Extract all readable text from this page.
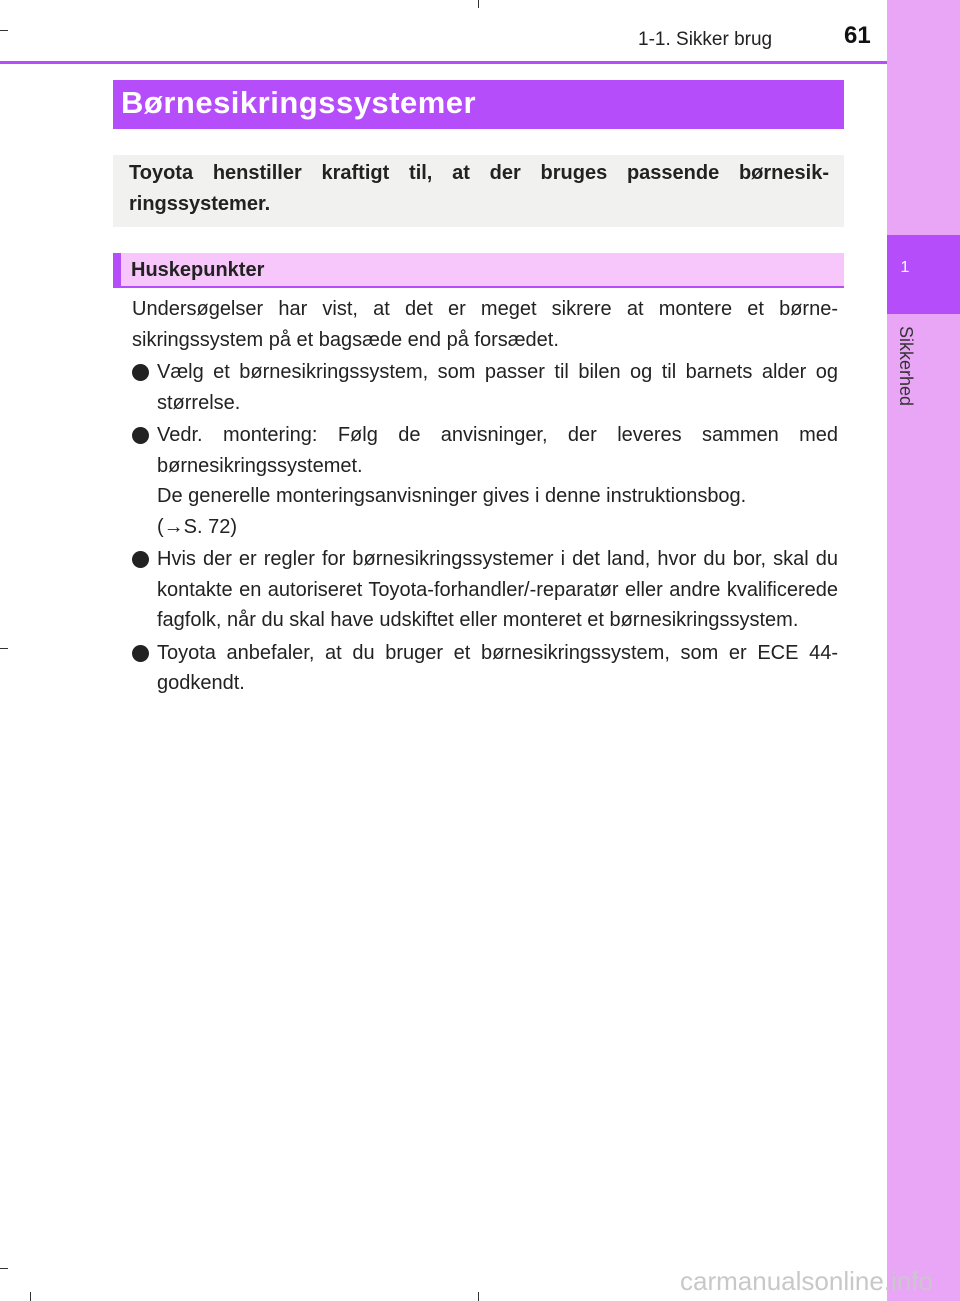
1
Sikkerhed
1-1. Sikker brug	61
Børnesikringssystemer
Toyota henstiller kraftigt til, at der bruges passende børnesik-ringssystemer.
Huskepunkter

Undersøgelser har vist, at det er meget sikrere at montere et børne-sikringssystem på et bagsæde end på forsædet.

Vælg et børnesikringssystem, som passer til bilen og til barnets alder og størrelse.
Vedr. montering: Følg de anvisninger, der leveres sammen med børnesikringssystemet.
De generelle monteringsanvisninger gives i denne instruktionsbog.
(→S. 72)
Hvis der er regler for børnesikringssystemer i det land, hvor du bor, skal du kontakte en autoriseret Toyota-forhandler/-reparatør eller andre kvalificerede fagfolk, når du skal have udskiftet eller monteret et børnesikringssystem.
Toyota anbefaler, at du bruger et børnesikringssystem, som er ECE 44-godkendt.
carmanualsonline.info
